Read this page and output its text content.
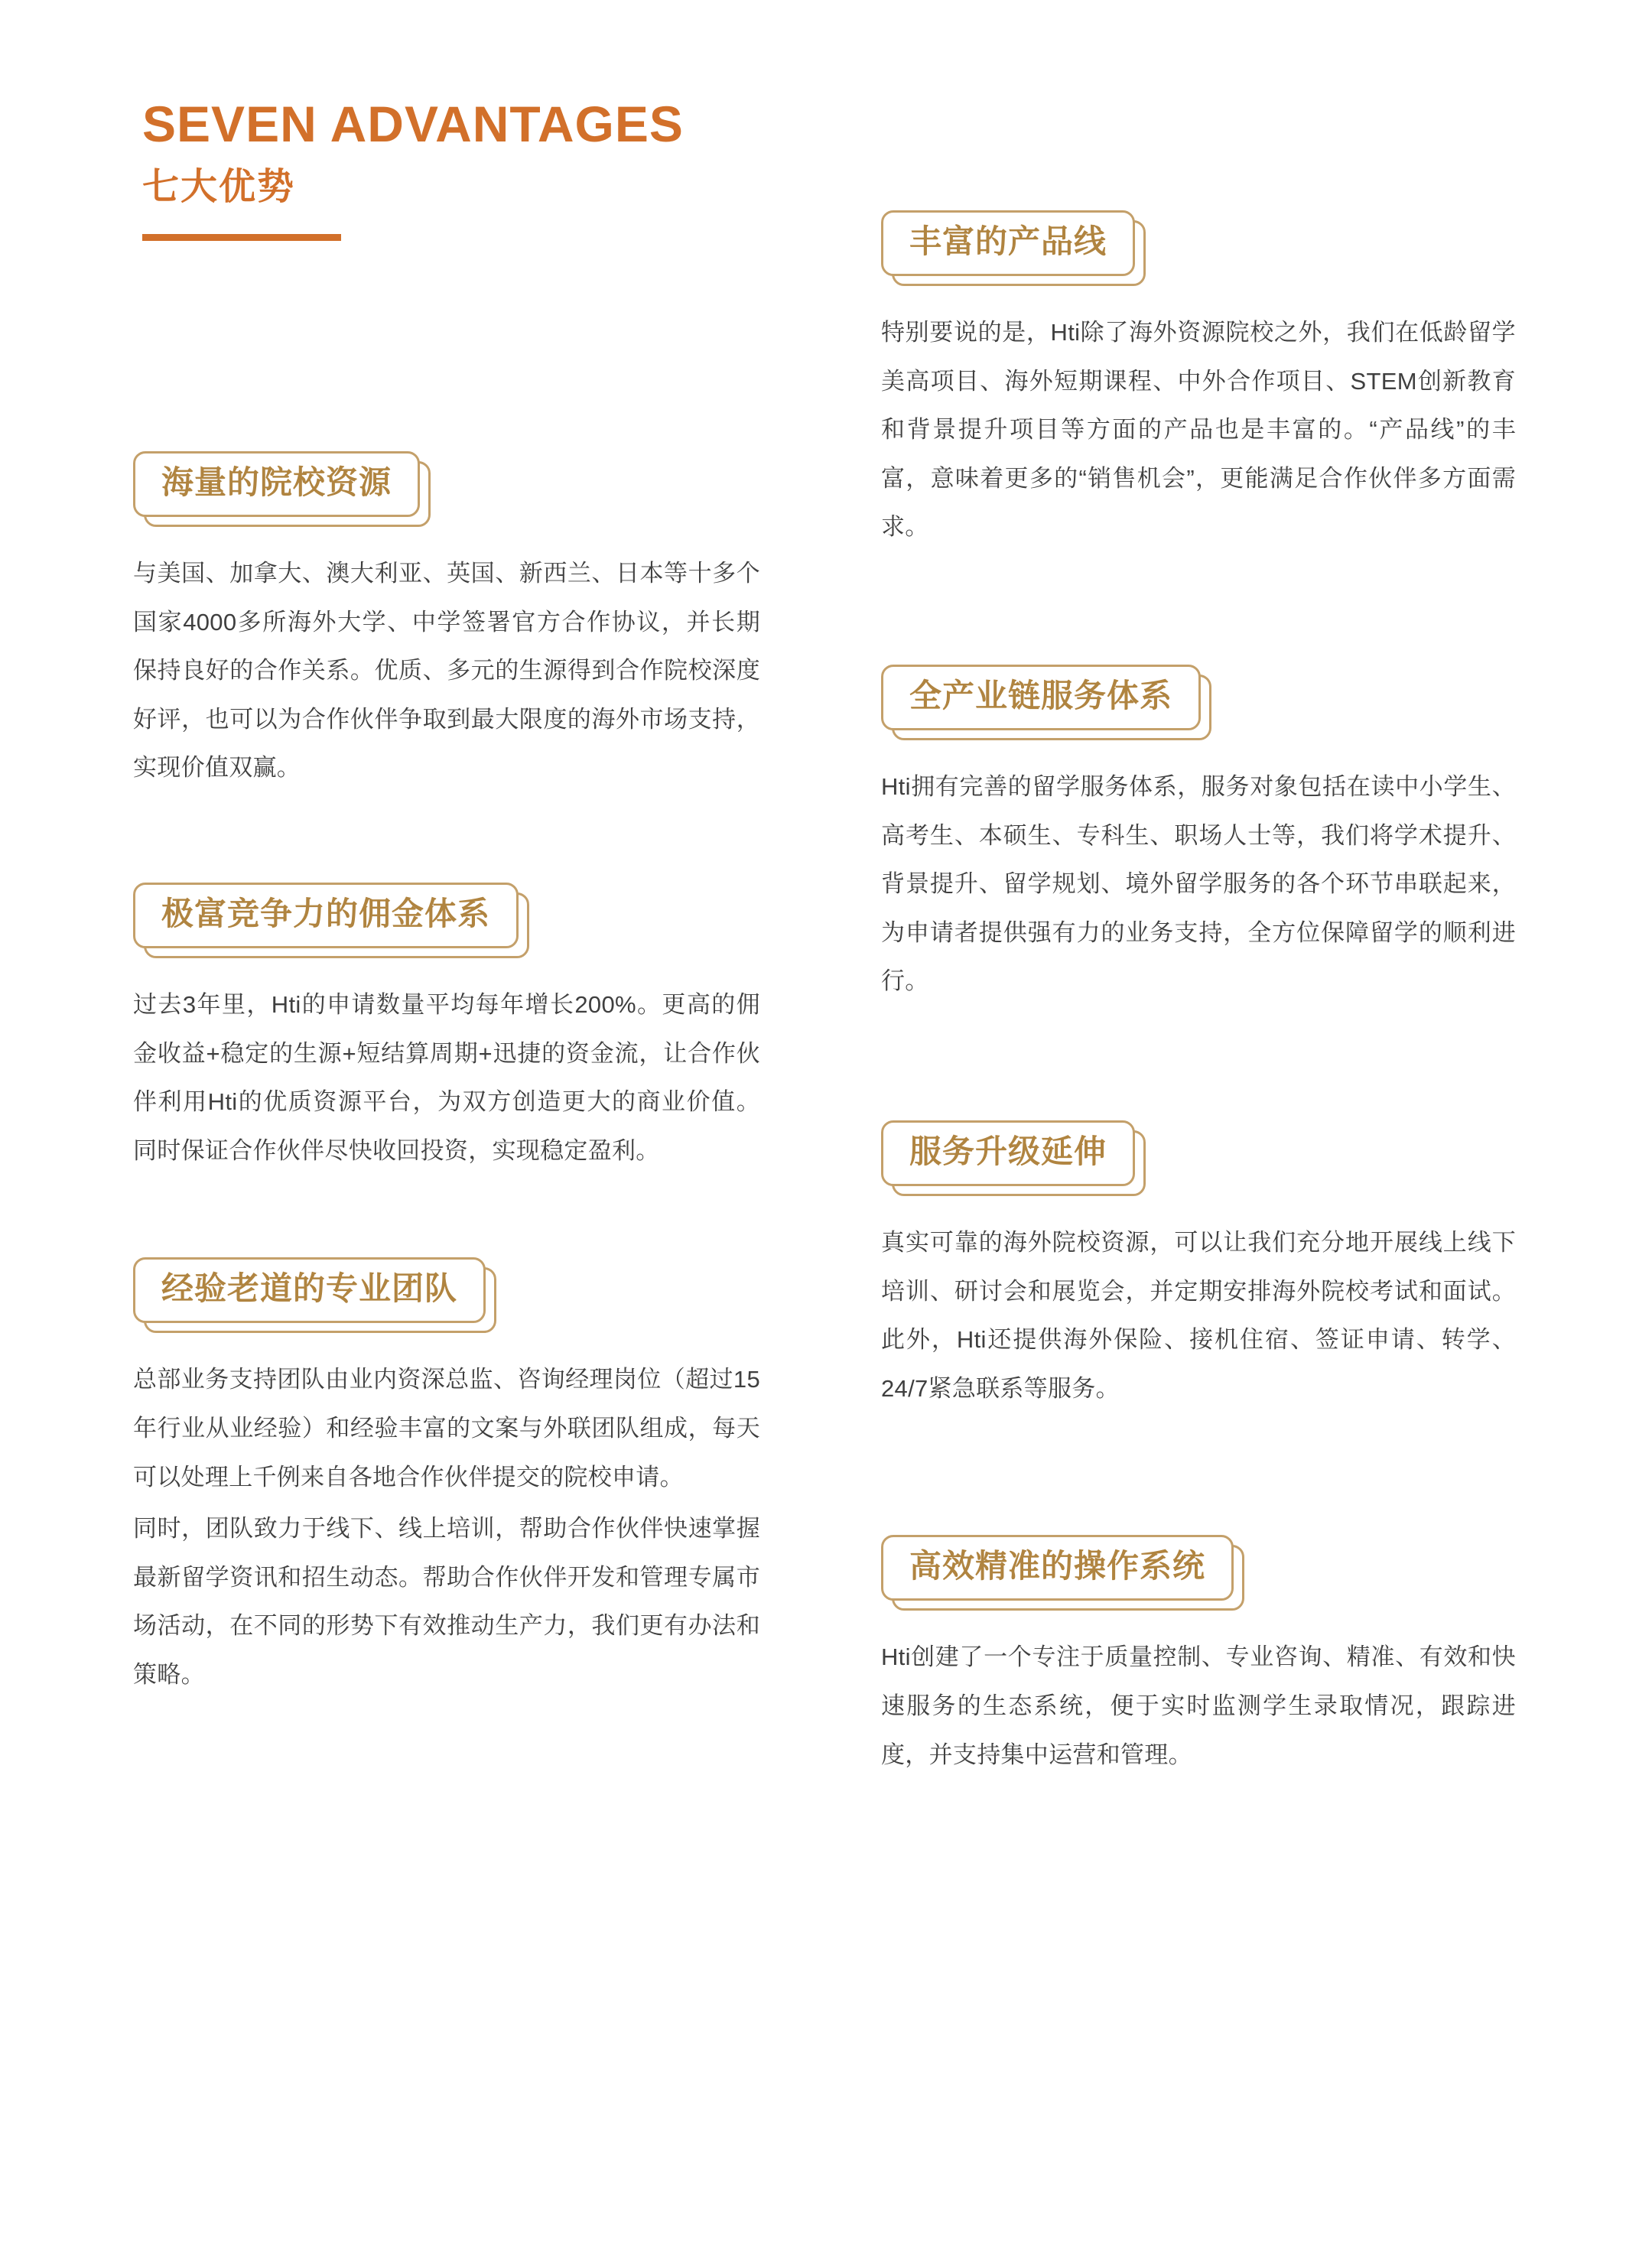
SEVEN ADVANTAGES
七大优势
海量的院校资源

与美国、加拿大、澳大利亚、英国、新西兰、日本等十多个国家4000多所海外大学、中学签署官方合作协议，并长期保持良好的合作关系。优质、多元的生源得到合作院校深度好评，也可以为合作伙伴争取到最大限度的海外市场支持，实现价值双赢。

极富竞争力的佣金体系

过去3年里，Hti的申请数量平均每年增长200%。更高的佣金收益+稳定的生源+短结算周期+迅捷的资金流，让合作伙伴利用Hti的优质资源平台，为双方创造更大的商业价值。同时保证合作伙伴尽快收回投资，实现稳定盈利。

经验老道的专业团队

总部业务支持团队由业内资深总监、咨询经理岗位（超过15年行业从业经验）和经验丰富的文案与外联团队组成，每天可以处理上千例来自各地合作伙伴提交的院校申请。

同时，团队致力于线下、线上培训，帮助合作伙伴快速掌握最新留学资讯和招生动态。帮助合作伙伴开发和管理专属市场活动，在不同的形势下有效推动生产力，我们更有办法和策略。

丰富的产品线

特别要说的是，Hti除了海外资源院校之外，我们在低龄留学美高项目、海外短期课程、中外合作项目、STEM创新教育和背景提升项目等方面的产品也是丰富的。“产品线”的丰富，意味着更多的“销售机会”，更能满足合作伙伴多方面需求。

全产业链服务体系

Hti拥有完善的留学服务体系，服务对象包括在读中小学生、高考生、本硕生、专科生、职场人士等，我们将学术提升、背景提升、留学规划、境外留学服务的各个环节串联起来，为申请者提供强有力的业务支持，全方位保障留学的顺利进行。

服务升级延伸

真实可靠的海外院校资源，可以让我们充分地开展线上线下培训、研讨会和展览会，并定期安排海外院校考试和面试。此外，Hti还提供海外保险、接机住宿、签证申请、转学、24/7紧急联系等服务。

高效精准的操作系统

Hti创建了一个专注于质量控制、专业咨询、精准、有效和快速服务的生态系统，便于实时监测学生录取情况，跟踪进度，并支持集中运营和管理。
